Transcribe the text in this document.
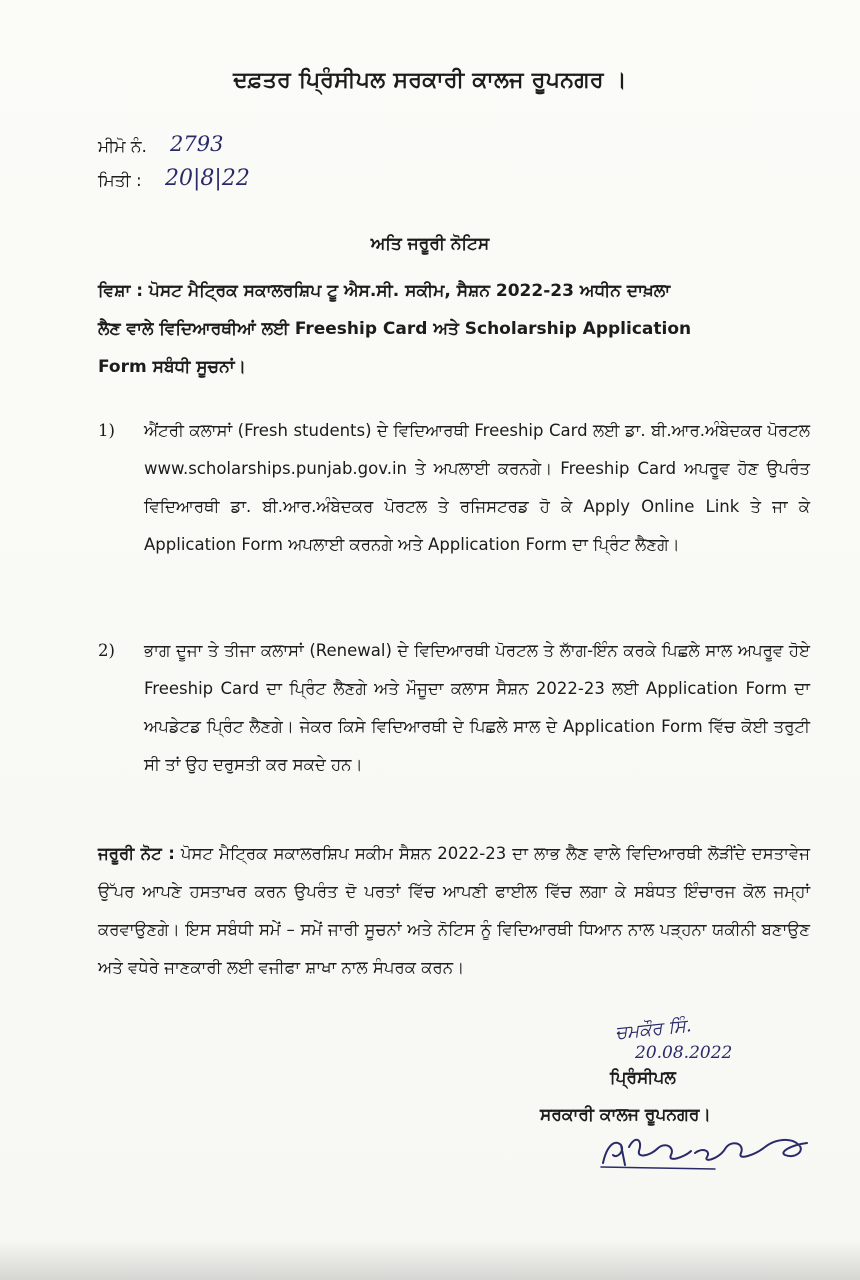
ਦਫ਼ਤਰ ਪ੍ਰਿੰਸੀਪਲ ਸਰਕਾਰੀ ਕਾਲਜ ਰੂਪਨਗਰ ।
ਮੀਮੋ ਨੰ. 2793
ਮਿਤੀ : 20|8|22
ਅਤਿ ਜਰੂਰੀ ਨੋਟਿਸ
ਵਿਸ਼ਾ : ਪੋਸਟ ਮੈਟ੍ਰਿਕ ਸਕਾਲਰਸ਼ਿਪ ਟੂ ਐਸ.ਸੀ. ਸਕੀਮ, ਸੈਸ਼ਨ 2022-23 ਅਧੀਨ ਦਾਖ਼ਲਾ
ਲੈਣ ਵਾਲੇ ਵਿਦਿਆਰਥੀਆਂ ਲਈ Freeship Card ਅਤੇ Scholarship Application
Form ਸਬੰਧੀ ਸੂਚਨਾਂ।
1)	ਐਂਟਰੀ ਕਲਾਸਾਂ (Fresh students) ਦੇ ਵਿਦਿਆਰਥੀ Freeship Card ਲਈ ਡਾ. ਬੀ.ਆਰ.ਅੰਬੇਦਕਰ ਪੋਰਟਲ www.scholarships.punjab.gov.in ਤੇ ਅਪਲਾਈ ਕਰਨਗੇ। Freeship Card ਅਪਰੂਵ ਹੋਣ ਉਪਰੰਤ ਵਿਦਿਆਰਥੀ ਡਾ. ਬੀ.ਆਰ.ਅੰਬੇਦਕਰ ਪੋਰਟਲ ਤੇ ਰਜਿਸਟਰਡ ਹੋ ਕੇ Apply Online Link ਤੇ ਜਾ ਕੇ Application Form ਅਪਲਾਈ ਕਰਨਗੇ ਅਤੇ Application Form ਦਾ ਪ੍ਰਿੰਟ ਲੈਣਗੇ।
2)	ਭਾਗ ਦੂਜਾ ਤੇ ਤੀਜਾ ਕਲਾਸਾਂ (Renewal) ਦੇ ਵਿਦਿਆਰਥੀ ਪੋਰਟਲ ਤੇ ਲਾੱਗ-ਇੰਨ ਕਰਕੇ ਪਿਛਲੇ ਸਾਲ ਅਪਰੂਵ ਹੋਏ Freeship Card ਦਾ ਪ੍ਰਿੰਟ ਲੈਣਗੇ ਅਤੇ ਮੌਜੂਦਾ ਕਲਾਸ ਸੈਸ਼ਨ 2022-23 ਲਈ Application Form ਦਾ ਅਪਡੇਟਡ ਪ੍ਰਿੰਟ ਲੈਣਗੇ। ਜੇਕਰ ਕਿਸੇ ਵਿਦਿਆਰਥੀ ਦੇ ਪਿਛਲੇ ਸਾਲ ਦੇ Application Form ਵਿੱਚ ਕੋਈ ਤਰੁਟੀ ਸੀ ਤਾਂ ਉਹ ਦਰੁਸਤੀ ਕਰ ਸਕਦੇ ਹਨ।
ਜਰੂਰੀ ਨੋਟ : ਪੋਸਟ ਮੈਟ੍ਰਿਕ ਸਕਾਲਰਸ਼ਿਪ ਸਕੀਮ ਸੈਸ਼ਨ 2022-23 ਦਾ ਲਾਭ ਲੈਣ ਵਾਲੇ ਵਿਦਿਆਰਥੀ ਲੋੜੀਂਦੇ ਦਸਤਾਵੇਜ ਉੱਪਰ ਆਪਣੇ ਹਸਤਾਖਰ ਕਰਨ ਉਪਰੰਤ ਦੋ ਪਰਤਾਂ ਵਿੱਚ ਆਪਣੀ ਫਾਈਲ ਵਿੱਚ ਲਗਾ ਕੇ ਸਬੰਧਤ ਇੰਚਾਰਜ ਕੋਲ ਜਮ੍ਹਾਂ ਕਰਵਾਉਣਗੇ। ਇਸ ਸਬੰਧੀ ਸਮੇਂ – ਸਮੇਂ ਜਾਰੀ ਸੂਚਨਾਂ ਅਤੇ ਨੋਟਿਸ ਨੂੰ ਵਿਦਿਆਰਥੀ ਧਿਆਨ ਨਾਲ ਪੜ੍ਹਨਾ ਯਕੀਨੀ ਬਣਾਉਣ ਅਤੇ ਵਧੇਰੇ ਜਾਣਕਾਰੀ ਲਈ ਵਜੀਫਾ ਸ਼ਾਖਾ ਨਾਲ ਸੰਪਰਕ ਕਰਨ।
ਚਮਕੌਰ ਸਿੰ.
20.08.2022
ਪ੍ਰਿੰਸੀਪਲ
ਸਰਕਾਰੀ ਕਾਲਜ ਰੂਪਨਗਰ।
